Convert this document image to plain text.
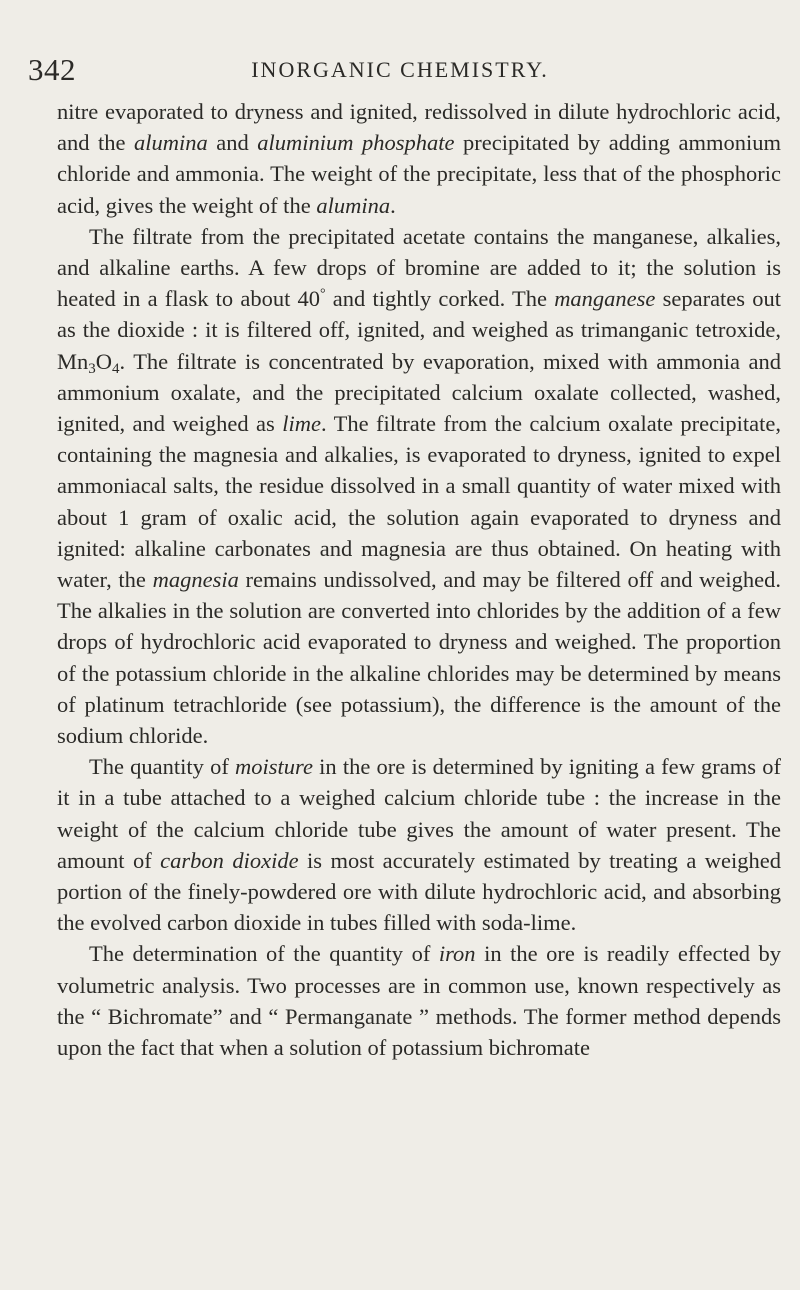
342	INORGANIC CHEMISTRY.

nitre evaporated to dryness and ignited, redissolved in dilute hydrochloric acid, and the alumina and aluminium phosphate precipitated by adding ammonium chloride and ammonia. The weight of the precipitate, less that of the phosphoric acid, gives the weight of the alumina.

The filtrate from the precipitated acetate contains the manganese, alkalies, and alkaline earths. A few drops of bromine are added to it; the solution is heated in a flask to about 40° and tightly corked. The manganese separates out as the dioxide : it is filtered off, ignited, and weighed as trimanganic tetroxide, $Mn_3O_4$. The filtrate is concentrated by evaporation, mixed with ammonia and ammonium oxalate, and the precipitated calcium oxalate collected, washed, ignited, and weighed as lime. The filtrate from the calcium oxalate precipitate, containing the magnesia and alkalies, is evaporated to dryness, ignited to expel ammoniacal salts, the residue dissolved in a small quantity of water mixed with about 1 gram of oxalic acid, the solution again evaporated to dryness and ignited: alkaline carbonates and magnesia are thus obtained. On heating with water, the magnesia remains undissolved, and may be filtered off and weighed. The alkalies in the solution are converted into chlorides by the addition of a few drops of hydrochloric acid evaporated to dryness and weighed. The proportion of the potassium chloride in the alkaline chlorides may be determined by means of platinum tetrachloride (see potassium), the difference is the amount of the sodium chloride.

The quantity of moisture in the ore is determined by igniting a few grams of it in a tube attached to a weighed calcium chloride tube : the increase in the weight of the calcium chloride tube gives the amount of water present. The amount of carbon dioxide is most accurately estimated by treating a weighed portion of the finely-powdered ore with dilute hydrochloric acid, and absorbing the evolved carbon dioxide in tubes filled with soda-lime.

The determination of the quantity of iron in the ore is readily effected by volumetric analysis. Two processes are in common use, known respectively as the “ Bichromate” and “ Permanganate ” methods. The former method depends upon the fact that when a solution of potassium bichromate
